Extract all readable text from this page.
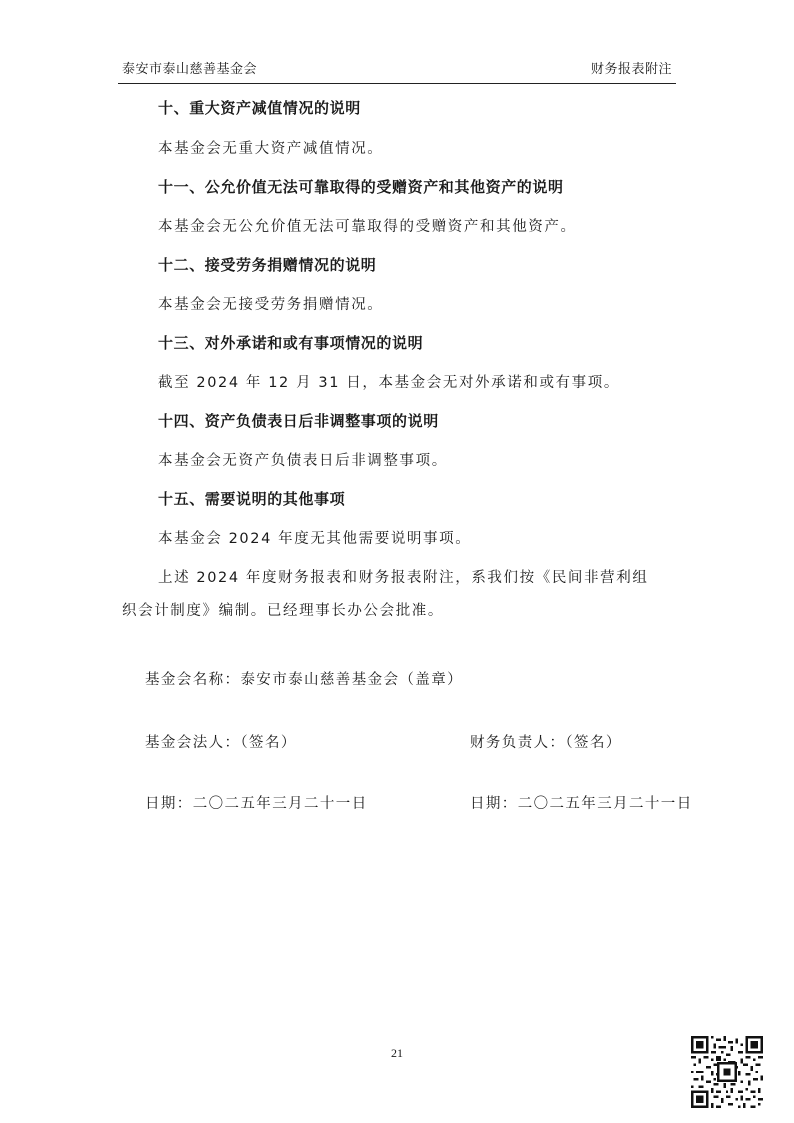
泰安市泰山慈善基金会	财务报表附注
十、重大资产减值情况的说明
本基金会无重大资产减值情况。
十一、公允价值无法可靠取得的受赠资产和其他资产的说明
本基金会无公允价值无法可靠取得的受赠资产和其他资产。
十二、接受劳务捐赠情况的说明
本基金会无接受劳务捐赠情况。
十三、对外承诺和或有事项情况的说明
截至 2024 年 12 月 31 日，本基金会无对外承诺和或有事项。
十四、资产负债表日后非调整事项的说明
本基金会无资产负债表日后非调整事项。
十五、需要说明的其他事项
本基金会 2024 年度无其他需要说明事项。
上述 2024 年度财务报表和财务报表附注，系我们按《民间非营利组
织会计制度》编制。已经理事长办公会批准。
基金会名称：泰安市泰山慈善基金会（盖章）
基金会法人：（签名）	财务负责人：（签名）
日期：二〇二五年三月二十一日	日期：二〇二五年三月二十一日
21
